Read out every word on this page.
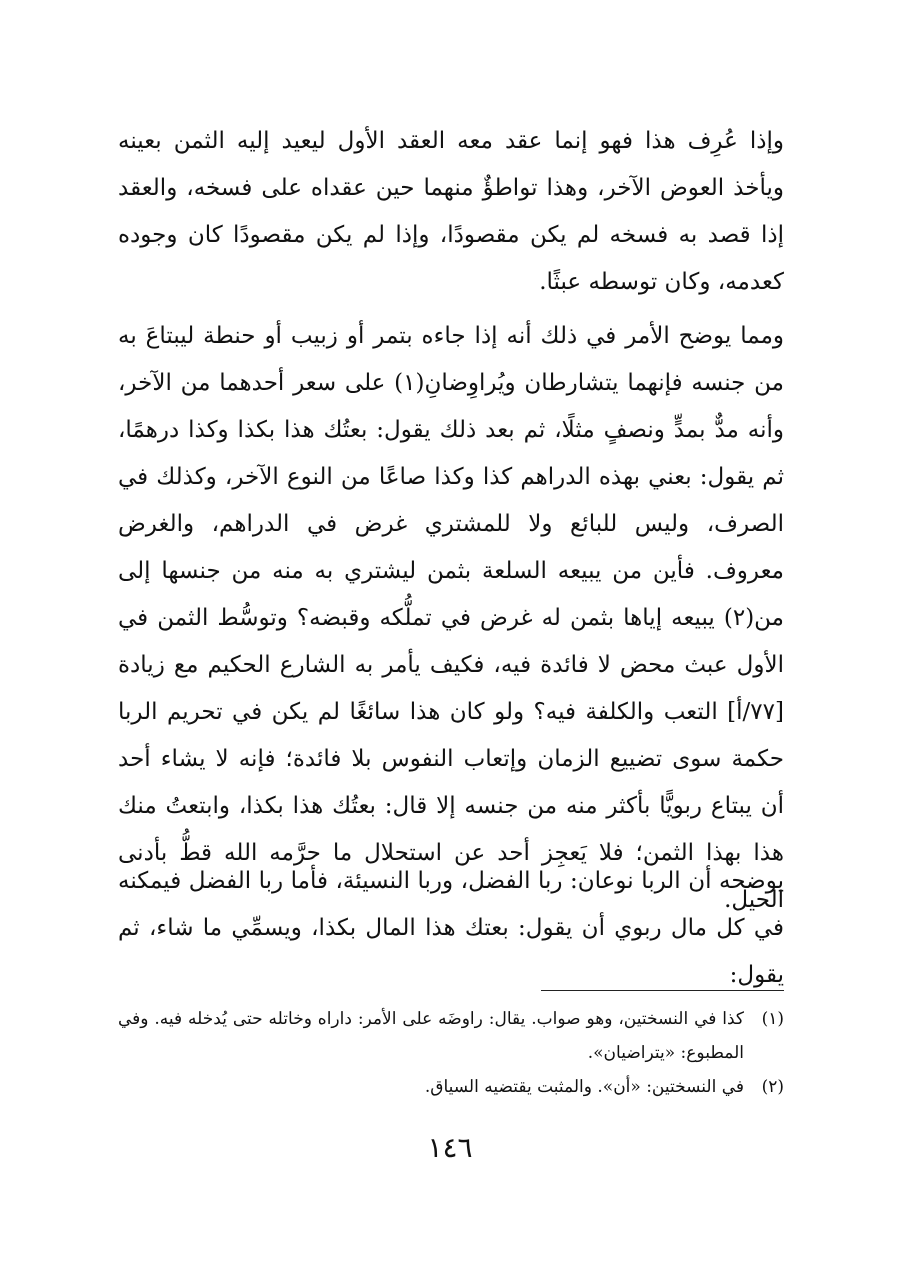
وإذا عُرِف هذا فهو إنما عقد معه العقد الأول ليعيد إليه الثمن بعينه ويأخذ العوض الآخر، وهذا تواطؤٌ منهما حين عقداه على فسخه، والعقد إذا قصد به فسخه لم يكن مقصودًا، وإذا لم يكن مقصودًا كان وجوده كعدمه، وكان توسطه عبثًا.

ومما يوضح الأمر في ذلك أنه إذا جاءه بتمر أو زبيب أو حنطة ليبتاعَ به من جنسه فإنهما يتشارطان ويُراوِضانِ(١) على سعر أحدهما من الآخر، وأنه مدٌّ بمدٍّ ونصفٍ مثلًا، ثم بعد ذلك يقول: بعتُك هذا بكذا وكذا درهمًا، ثم يقول: بعني بهذه الدراهم كذا وكذا صاعًا من النوع الآخر، وكذلك في الصرف، وليس للبائع ولا للمشتري غرض في الدراهم، والغرض معروف. فأين من يبيعه السلعة بثمن ليشتري به منه من جنسها إلى من(٢) يبيعه إياها بثمن له غرض في تملُّكه وقبضه؟ وتوسُّط الثمن في الأول عبث محض لا فائدة فيه، فكيف يأمر به الشارع الحكيم مع زيادة [٧٧/أ] التعب والكلفة فيه؟ ولو كان هذا سائغًا لم يكن في تحريم الربا حكمة سوى تضييع الزمان وإتعاب النفوس بلا فائدة؛ فإنه لا يشاء أحد أن يبتاع ربويًّا بأكثر منه من جنسه إلا قال: بعتُك هذا بكذا، وابتعتُ منك هذا بهذا الثمن؛ فلا يَعجِز أحد عن استحلال ما حرَّمه الله قطُّ بأدنى الحيل.

يوضحه أن الربا نوعان: ربا الفضل، وربا النسيئة، فأما ربا الفضل فيمكنه في كل مال ربوي أن يقول: بعتك هذا المال بكذا، ويسمِّي ما شاء، ثم يقول:

(١)
كذا في النسختين، وهو صواب. يقال: راوضَه على الأمر: داراه وخاتله حتى يُدخله فيه. وفي المطبوع: «يتراضيان».
(٢)
في النسختين: «أن». والمثبت يقتضيه السياق.
١٤٦
